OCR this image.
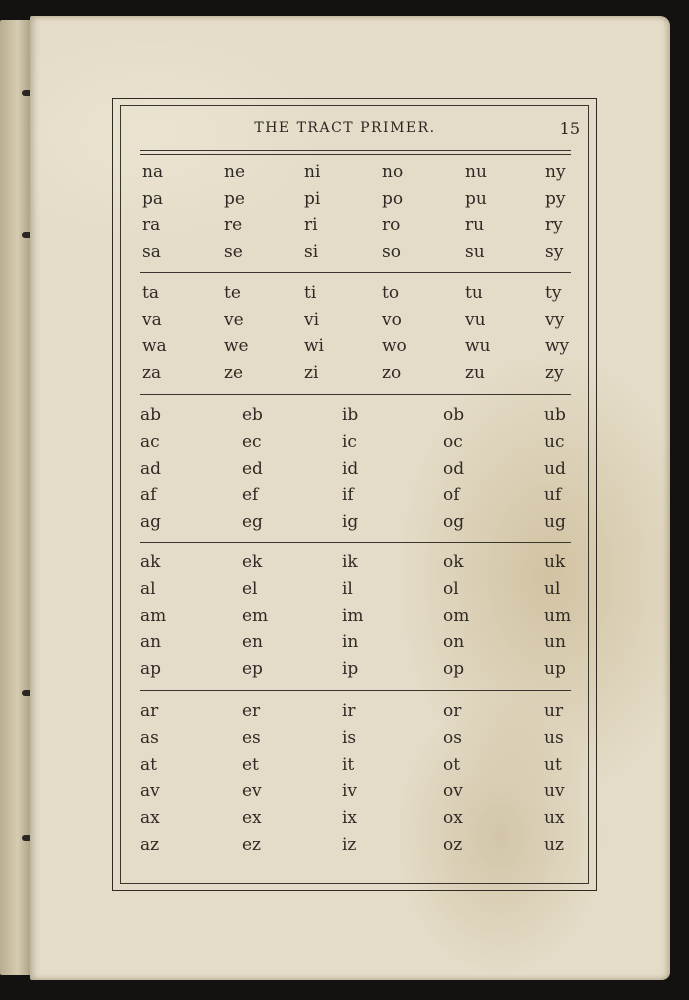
THE TRACT PRIMER.	15
na	ne	ni	no	nu	ny
pa	pe	pi	po	pu	py
ra	re	ri	ro	ru	ry
sa	se	si	so	su	sy
ta	te	ti	to	tu	ty
va	ve	vi	vo	vu	vy
wa	we	wi	wo	wu	wy
za	ze	zi	zo	zu	zy
ab	eb	ib	ob	ub
ac	ec	ic	oc	uc
ad	ed	id	od	ud
af	ef	if	of	uf
ag	eg	ig	og	ug
ak	ek	ik	ok	uk
al	el	il	ol	ul
am	em	im	om	um
an	en	in	on	un
ap	ep	ip	op	up
ar	er	ir	or	ur
as	es	is	os	us
at	et	it	ot	ut
av	ev	iv	ov	uv
ax	ex	ix	ox	ux
az	ez	iz	oz	uz
